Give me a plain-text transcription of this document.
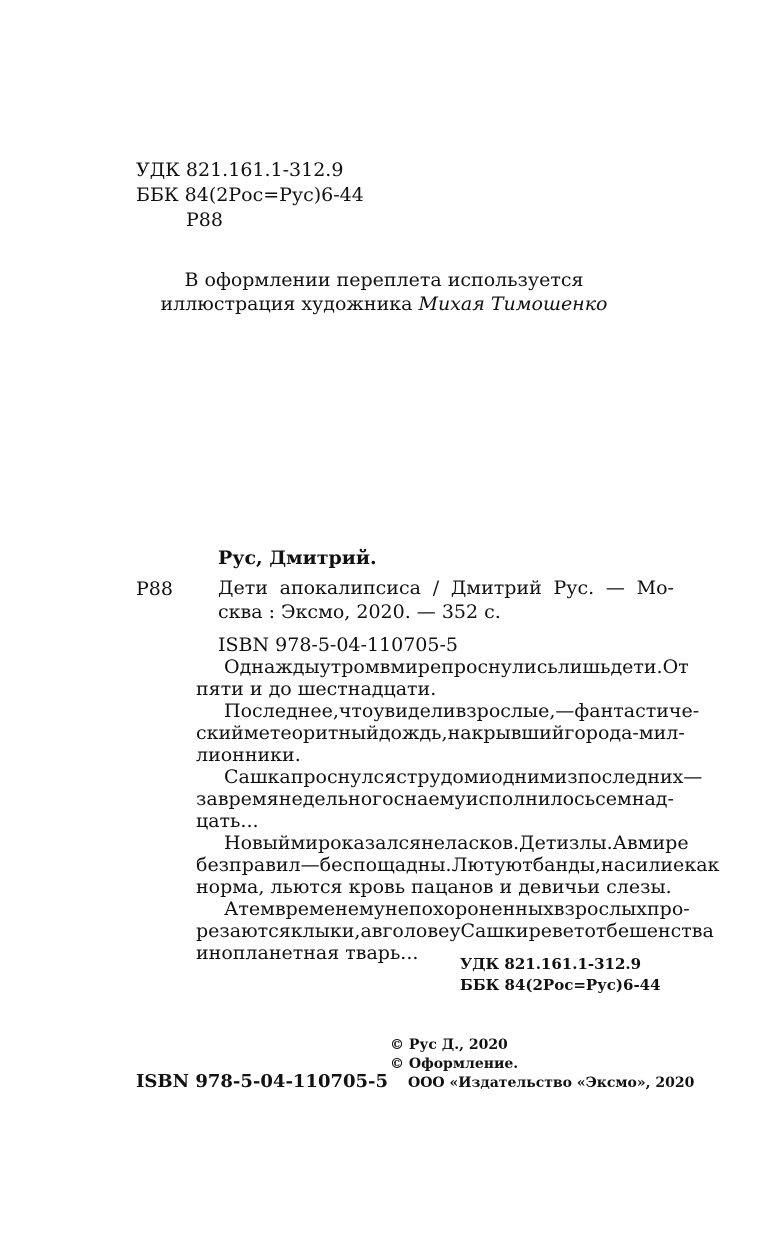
УДК 821.161.1-312.9
ББК 84(2Рос=Рус)6-44
Р88
В оформлении переплета используется
иллюстрация художника Михая Тимошенко
Рус, Дмитрий.
Р88 Дети апокалипсиса / Дмитрий Рус. — Мо-
сква : Эксмо, 2020. — 352 с.
ISBN 978-5-04-110705-5
Однажды утром в мире проснулись лишь дети. От
пяти и до шестнадцати.
Последнее, что увидели взрослые, — фантастиче-
ский метеоритный дождь, накрывший города-мил-
лионники.
Сашка проснулся с трудом и одним из последних —
за время недельного сна ему исполнилось семнад-
цать...
Новый мир оказался неласков. Дети злы. А в мире
без правил — беспощадны. Лютуют банды, насилие как
норма, льются кровь пацанов и девичьи слезы.
А тем временем у непохороненных взрослых про-
резаются клыки, а в голове у Сашки ревет от бешенства
инопланетная тварь...	УДК 821.161.1-312.9
ББК 84(2Рос=Рус)6-44
© Рус Д., 2020
© Оформление.
ООО «Издательство «Эксмо», 2020
ISBN 978-5-04-110705-5
